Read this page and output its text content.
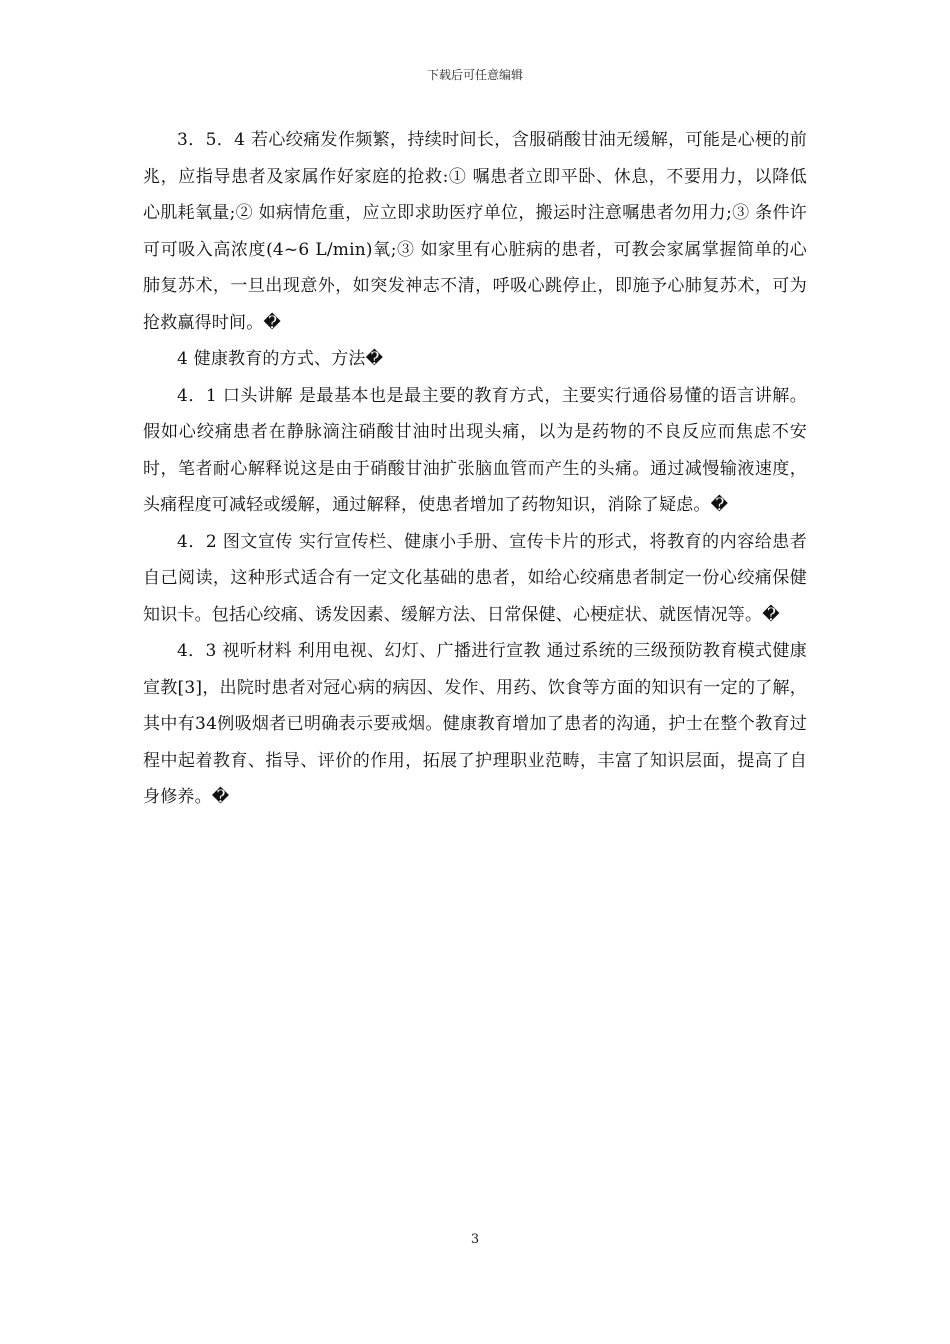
下载后可任意编辑

3．5．4 若心绞痛发作频繁，持续时间长，含服硝酸甘油无缓解，可能是心梗的前兆，应指导患者及家属作好家庭的抢救:① 嘱患者立即平卧、休息，不要用力，以降低心肌耗氧量;② 如病情危重，应立即求助医疗单位，搬运时注意嘱患者勿用力;③ 条件许可可吸入高浓度(4~6 L/min)氧;③ 如家里有心脏病的患者，可教会家属掌握简单的心肺复苏术，一旦出现意外，如突发神志不清，呼吸心跳停止，即施予心肺复苏术，可为抢救赢得时间。�

4 健康教育的方式、方法�

4．1 口头讲解 是最基本也是最主要的教育方式，主要实行通俗易懂的语言讲解。假如心绞痛患者在静脉滴注硝酸甘油时出现头痛，以为是药物的不良反应而焦虑不安时，笔者耐心解释说这是由于硝酸甘油扩张脑血管而产生的头痛。通过减慢输液速度，头痛程度可减轻或缓解，通过解释，使患者增加了药物知识，消除了疑虑。�

4．2 图文宣传 实行宣传栏、健康小手册、宣传卡片的形式，将教育的内容给患者自己阅读，这种形式适合有一定文化基础的患者，如给心绞痛患者制定一份心绞痛保健知识卡。包括心绞痛、诱发因素、缓解方法、日常保健、心梗症状、就医情况等。�

4．3 视听材料 利用电视、幻灯、广播进行宣教 通过系统的三级预防教育模式健康宣教[3]，出院时患者对冠心病的病因、发作、用药、饮食等方面的知识有一定的了解，其中有34例吸烟者已明确表示要戒烟。健康教育增加了患者的沟通，护士在整个教育过程中起着教育、指导、评价的作用，拓展了护理职业范畴，丰富了知识层面，提高了自身修养。�

3
